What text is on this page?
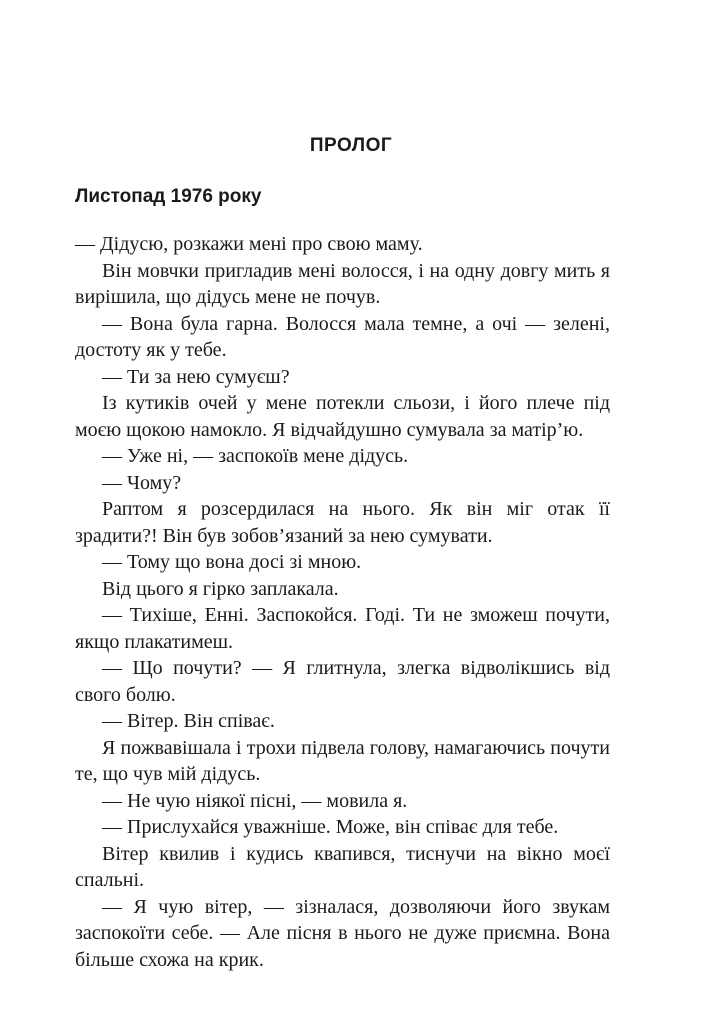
ПРОЛОГ
Листопад 1976 року

— Дідусю, розкажи мені про свою маму.

Він мовчки пригладив мені волосся, і на одну довгу мить я вирішила, що дідусь мене не почув.

— Вона була гарна. Волосся мала темне, а очі — зелені, достоту як у тебе.

— Ти за нею сумуєш?

Із кутиків очей у мене потекли сльози, і його плече під моєю щокою намокло. Я відчайдушно сумувала за матір’ю.

— Уже ні, — заспокоїв мене дідусь.

— Чому?

Раптом я розсердилася на нього. Як він міг отак її зрадити?! Він був зобов’язаний за нею сумувати.

— Тому що вона досі зі мною.

Від цього я гірко заплакала.

— Тихіше, Енні. Заспокойся. Годі. Ти не зможеш почути, якщо плакатимеш.

— Що почути? — Я глитнула, злегка відволікшись від свого болю.

— Вітер. Він співає.

Я пожвавішала і трохи підвела голову, намагаючись почути те, що чув мій дідусь.

— Не чую ніякої пісні, — мовила я.

— Прислухайся уважніше. Може, він співає для тебе.

Вітер квилив і кудись квапився, тиснучи на вікно моєї спальні.

— Я чую вітер, — зізналася, дозволяючи його звукам заспокоїти себе. — Але пісня в нього не дуже приємна. Вона більше схожа на крик.
